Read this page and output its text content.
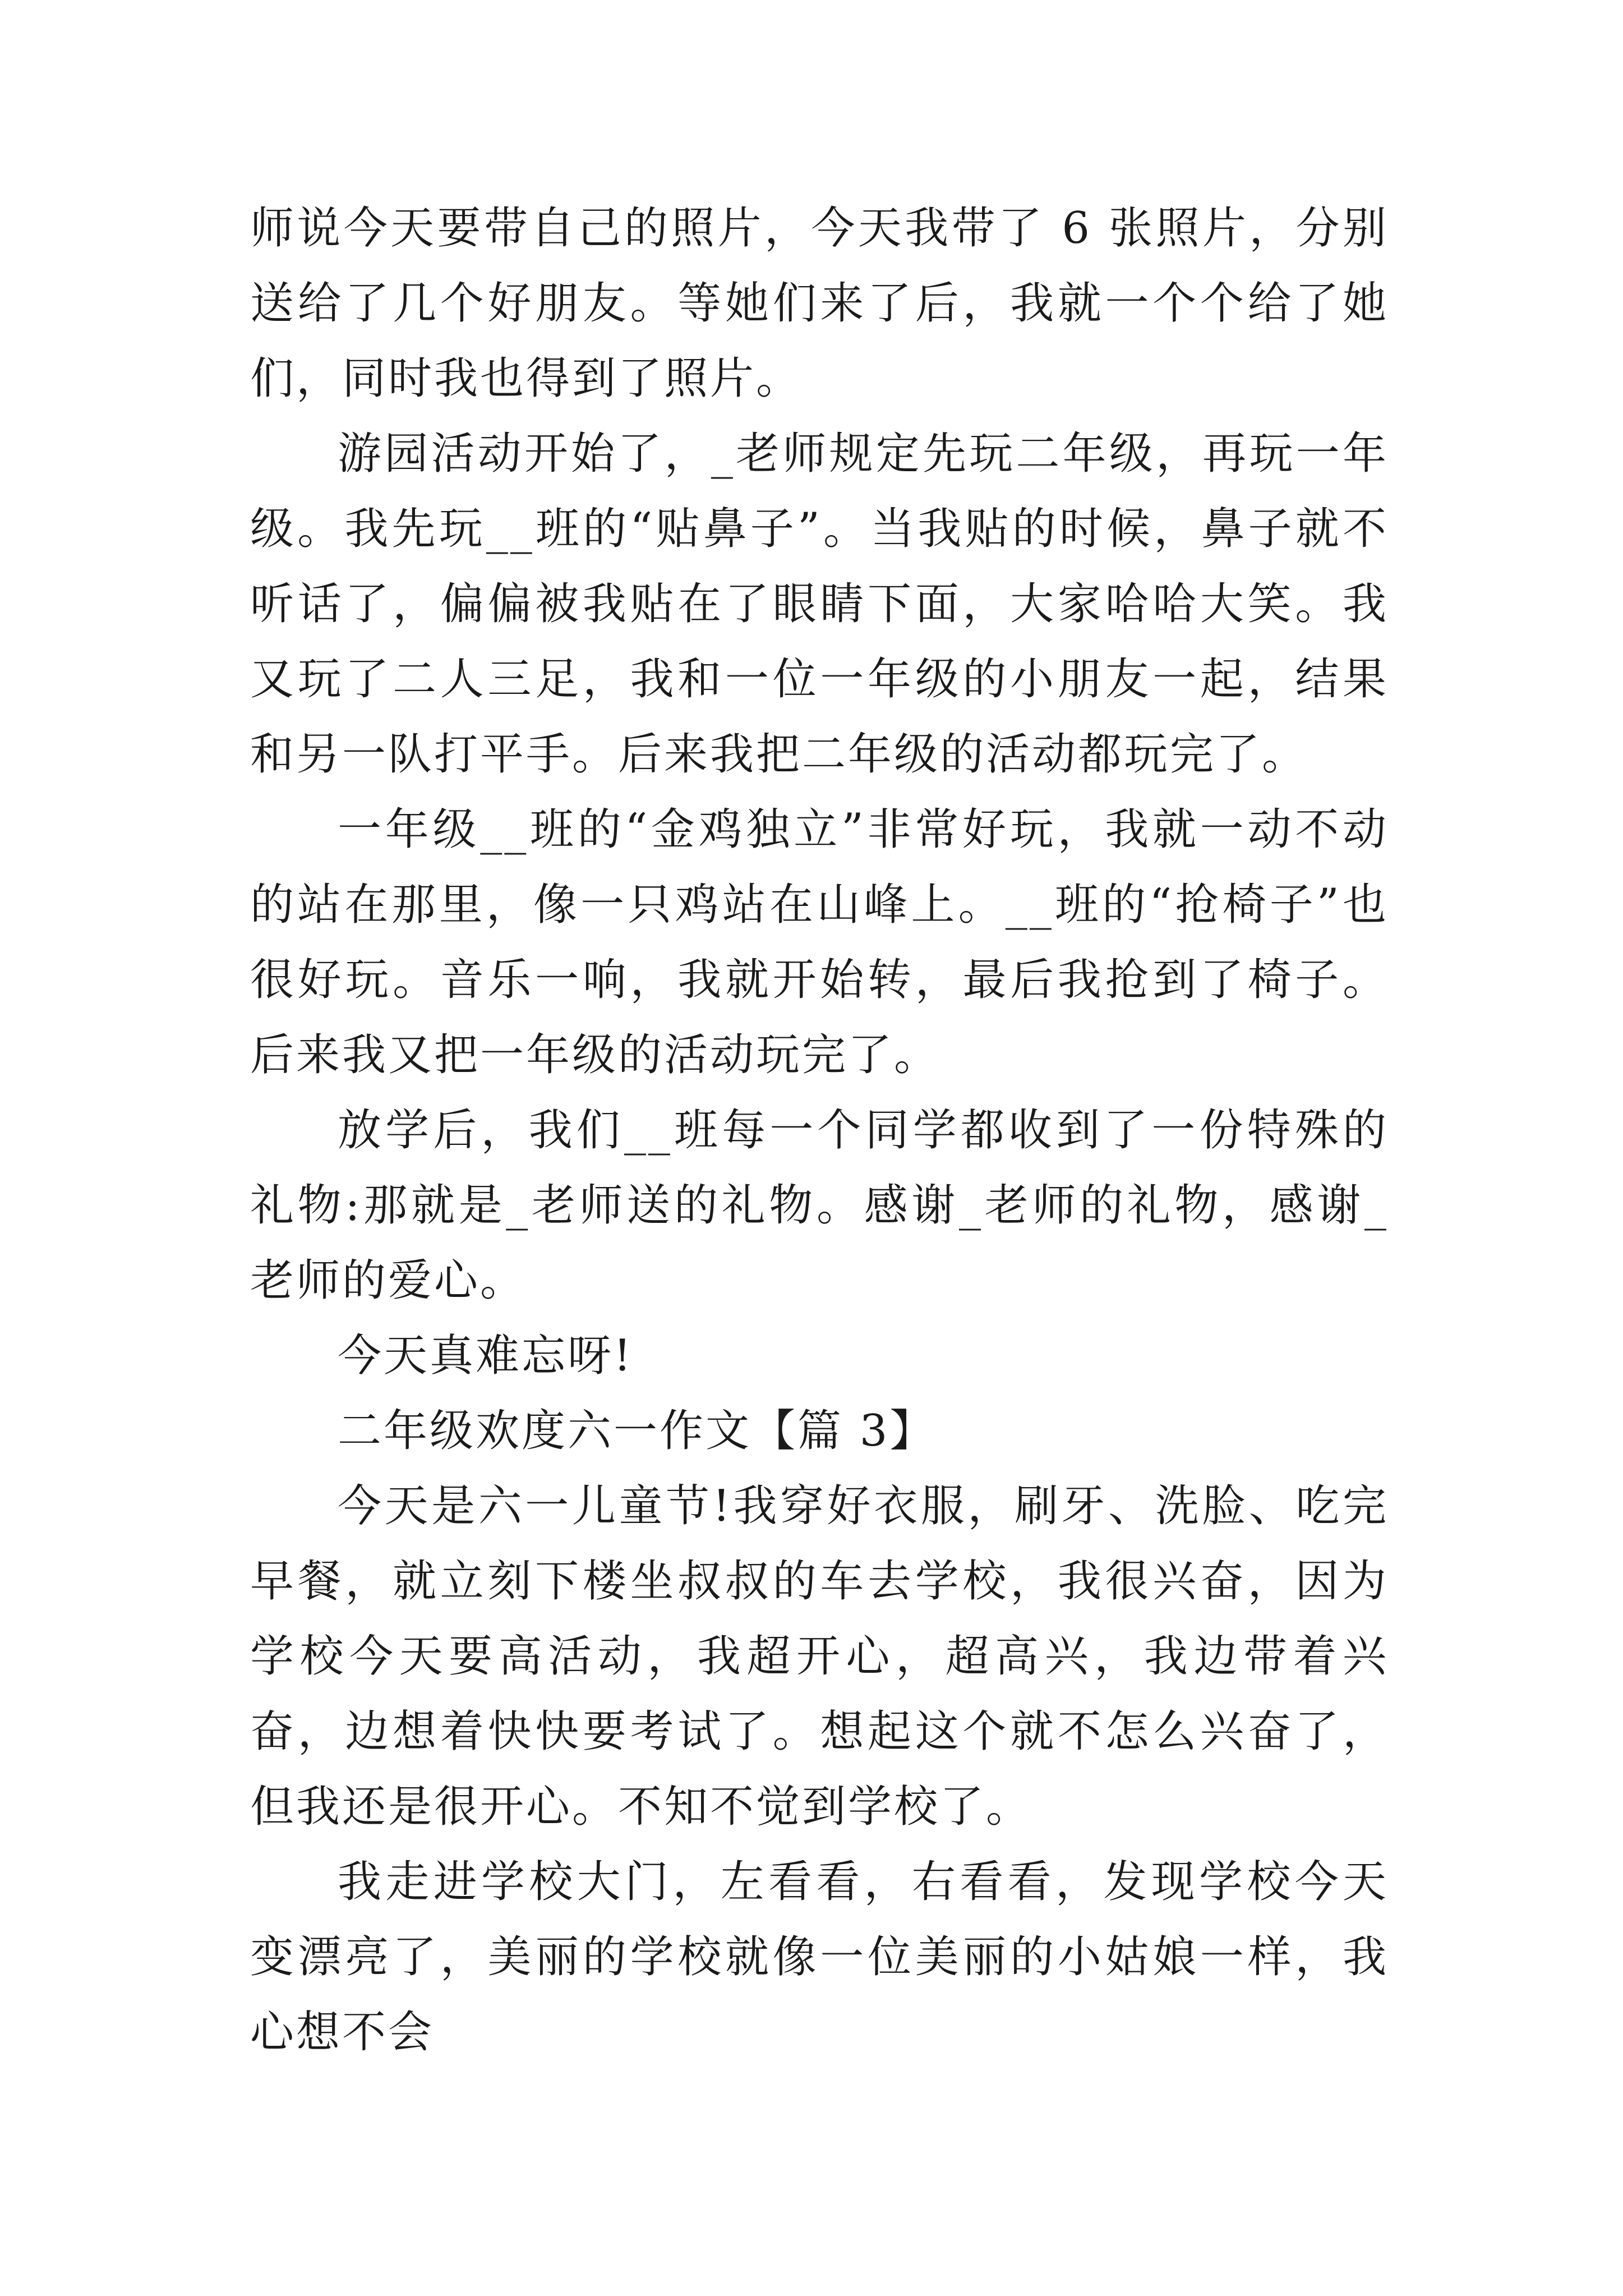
师说今天要带自己的照片，今天我带了 6 张照片，分别送给了几个好朋友。等她们来了后，我就一个个给了她们，同时我也得到了照片。

游园活动开始了，_老师规定先玩二年级，再玩一年级。我先玩__班的“贴鼻子”。当我贴的时候，鼻子就不听话了，偏偏被我贴在了眼睛下面，大家哈哈大笑。我又玩了二人三足，我和一位一年级的小朋友一起，结果和另一队打平手。后来我把二年级的活动都玩完了。

一年级__班的“金鸡独立”非常好玩，我就一动不动的站在那里，像一只鸡站在山峰上。__班的“抢椅子”也很好玩。音乐一响，我就开始转，最后我抢到了椅子。后来我又把一年级的活动玩完了。

放学后，我们__班每一个同学都收到了一份特殊的礼物:那就是_老师送的礼物。感谢_老师的礼物，感谢_老师的爱心。

今天真难忘呀!

二年级欢度六一作文【篇 3】

今天是六一儿童节!我穿好衣服，刷牙、洗脸、吃完早餐，就立刻下楼坐叔叔的车去学校，我很兴奋，因为学校今天要高活动，我超开心，超高兴，我边带着兴奋，边想着快快要考试了。想起这个就不怎么兴奋了，但我还是很开心。不知不觉到学校了。

我走进学校大门，左看看，右看看，发现学校今天变漂亮了，美丽的学校就像一位美丽的小姑娘一样，我心想不会
